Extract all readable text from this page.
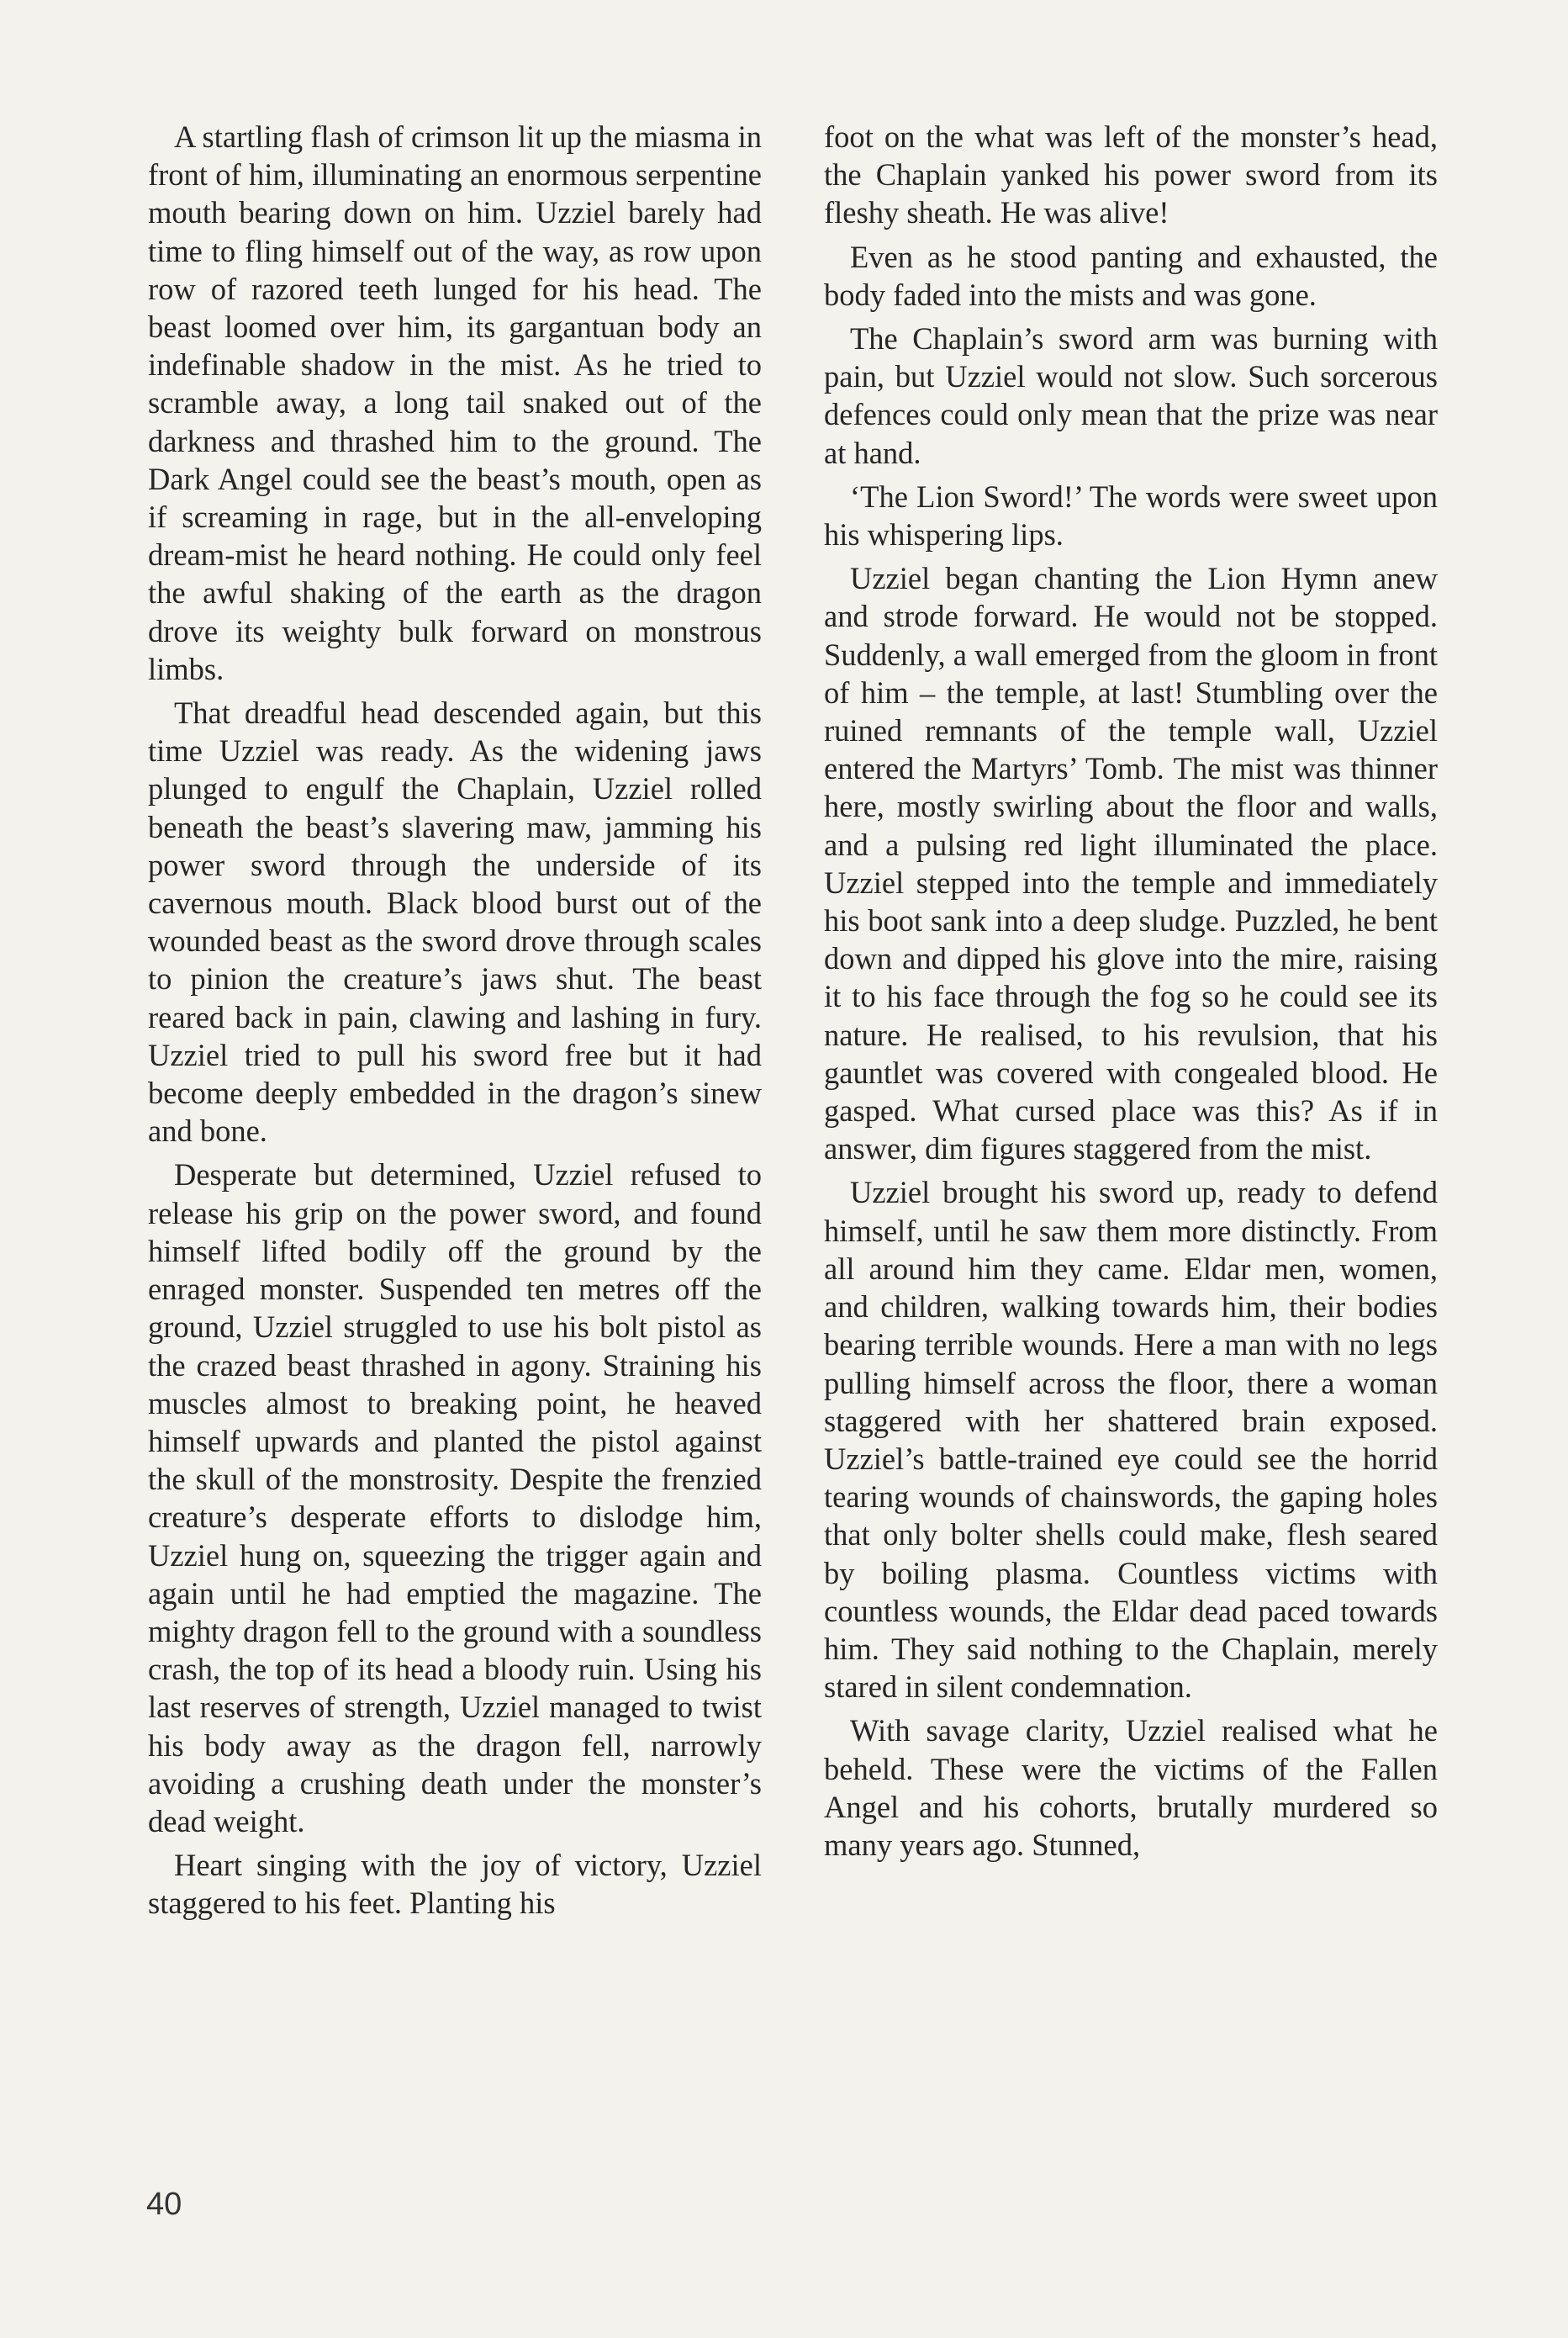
A startling flash of crimson lit up the miasma in front of him, illuminating an enormous serpentine mouth bearing down on him. Uzziel barely had time to fling himself out of the way, as row upon row of razored teeth lunged for his head. The beast loomed over him, its gargantuan body an indefinable shadow in the mist. As he tried to scramble away, a long tail snaked out of the darkness and thrashed him to the ground. The Dark Angel could see the beast’s mouth, open as if screaming in rage, but in the all-enveloping dream-mist he heard nothing. He could only feel the awful shaking of the earth as the dragon drove its weighty bulk forward on monstrous limbs.

That dreadful head descended again, but this time Uzziel was ready. As the widening jaws plunged to engulf the Chaplain, Uzziel rolled beneath the beast’s slavering maw, jamming his power sword through the underside of its cavernous mouth. Black blood burst out of the wounded beast as the sword drove through scales to pinion the creature’s jaws shut. The beast reared back in pain, clawing and lashing in fury. Uzziel tried to pull his sword free but it had become deeply embedded in the dragon’s sinew and bone.

Desperate but determined, Uzziel refused to release his grip on the power sword, and found himself lifted bodily off the ground by the enraged monster. Suspended ten metres off the ground, Uzziel struggled to use his bolt pistol as the crazed beast thrashed in agony. Straining his muscles almost to breaking point, he heaved himself upwards and planted the pistol against the skull of the monstrosity. Despite the frenzied creature’s desperate efforts to dislodge him, Uzziel hung on, squeezing the trigger again and again until he had emptied the magazine. The mighty dragon fell to the ground with a soundless crash, the top of its head a bloody ruin. Using his last reserves of strength, Uzziel managed to twist his body away as the dragon fell, narrowly avoiding a crushing death under the monster’s dead weight.

Heart singing with the joy of victory, Uzziel staggered to his feet. Planting his

foot on the what was left of the monster’s head, the Chaplain yanked his power sword from its fleshy sheath. He was alive!

Even as he stood panting and exhausted, the body faded into the mists and was gone.

The Chaplain’s sword arm was burning with pain, but Uzziel would not slow. Such sorcerous defences could only mean that the prize was near at hand.

‘The Lion Sword!’ The words were sweet upon his whispering lips.

Uzziel began chanting the Lion Hymn anew and strode forward. He would not be stopped. Suddenly, a wall emerged from the gloom in front of him – the temple, at last! Stumbling over the ruined remnants of the temple wall, Uzziel entered the Martyrs’ Tomb. The mist was thinner here, mostly swirling about the floor and walls, and a pulsing red light illuminated the place. Uzziel stepped into the temple and immediately his boot sank into a deep sludge. Puzzled, he bent down and dipped his glove into the mire, raising it to his face through the fog so he could see its nature. He realised, to his revulsion, that his gauntlet was covered with congealed blood. He gasped. What cursed place was this? As if in answer, dim figures staggered from the mist.

Uzziel brought his sword up, ready to defend himself, until he saw them more distinctly. From all around him they came. Eldar men, women, and children, walking towards him, their bodies bearing terrible wounds. Here a man with no legs pulling himself across the floor, there a woman staggered with her shattered brain exposed. Uzziel’s battle-trained eye could see the horrid tearing wounds of chainswords, the gaping holes that only bolter shells could make, flesh seared by boiling plasma. Countless victims with countless wounds, the Eldar dead paced towards him. They said nothing to the Chaplain, merely stared in silent condemnation.

With savage clarity, Uzziel realised what he beheld. These were the victims of the Fallen Angel and his cohorts, brutally murdered so many years ago. Stunned,

40
